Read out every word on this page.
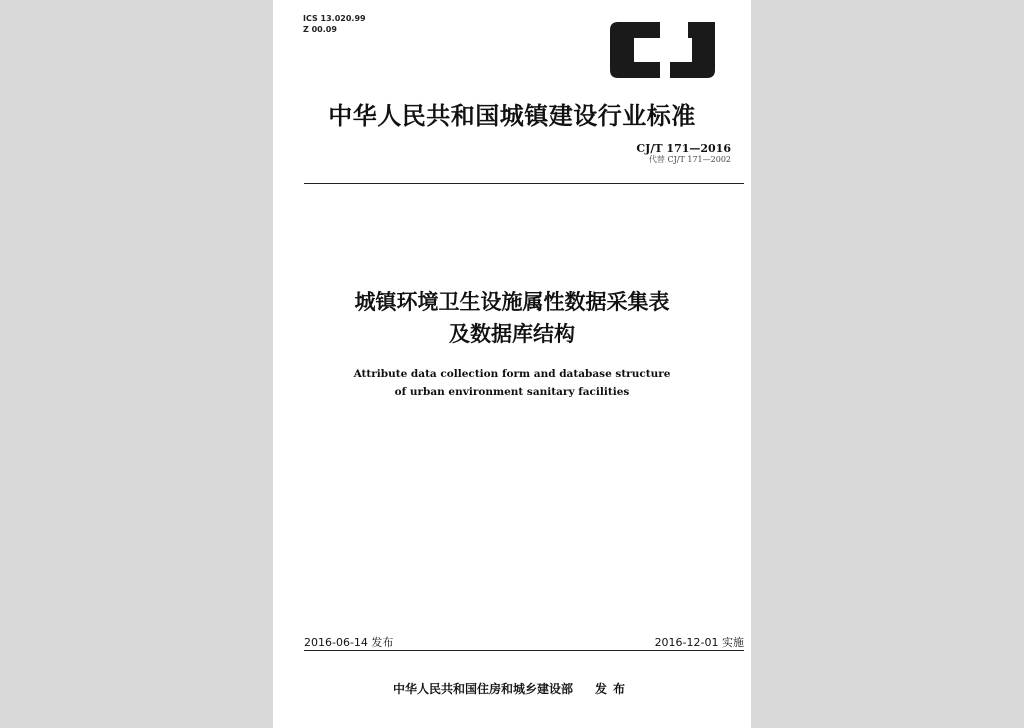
ICS 13.020.99
Z 00.09
中华人民共和国城镇建设行业标准
CJ/T 171—2016
代替 CJ/T 171—2002
城镇环境卫生设施属性数据采集表
及数据库结构
Attribute data collection form and database structure
of urban environment sanitary facilities
2016-06-14 发布	2016-12-01 实施
中华人民共和国住房和城乡建设部 发布
